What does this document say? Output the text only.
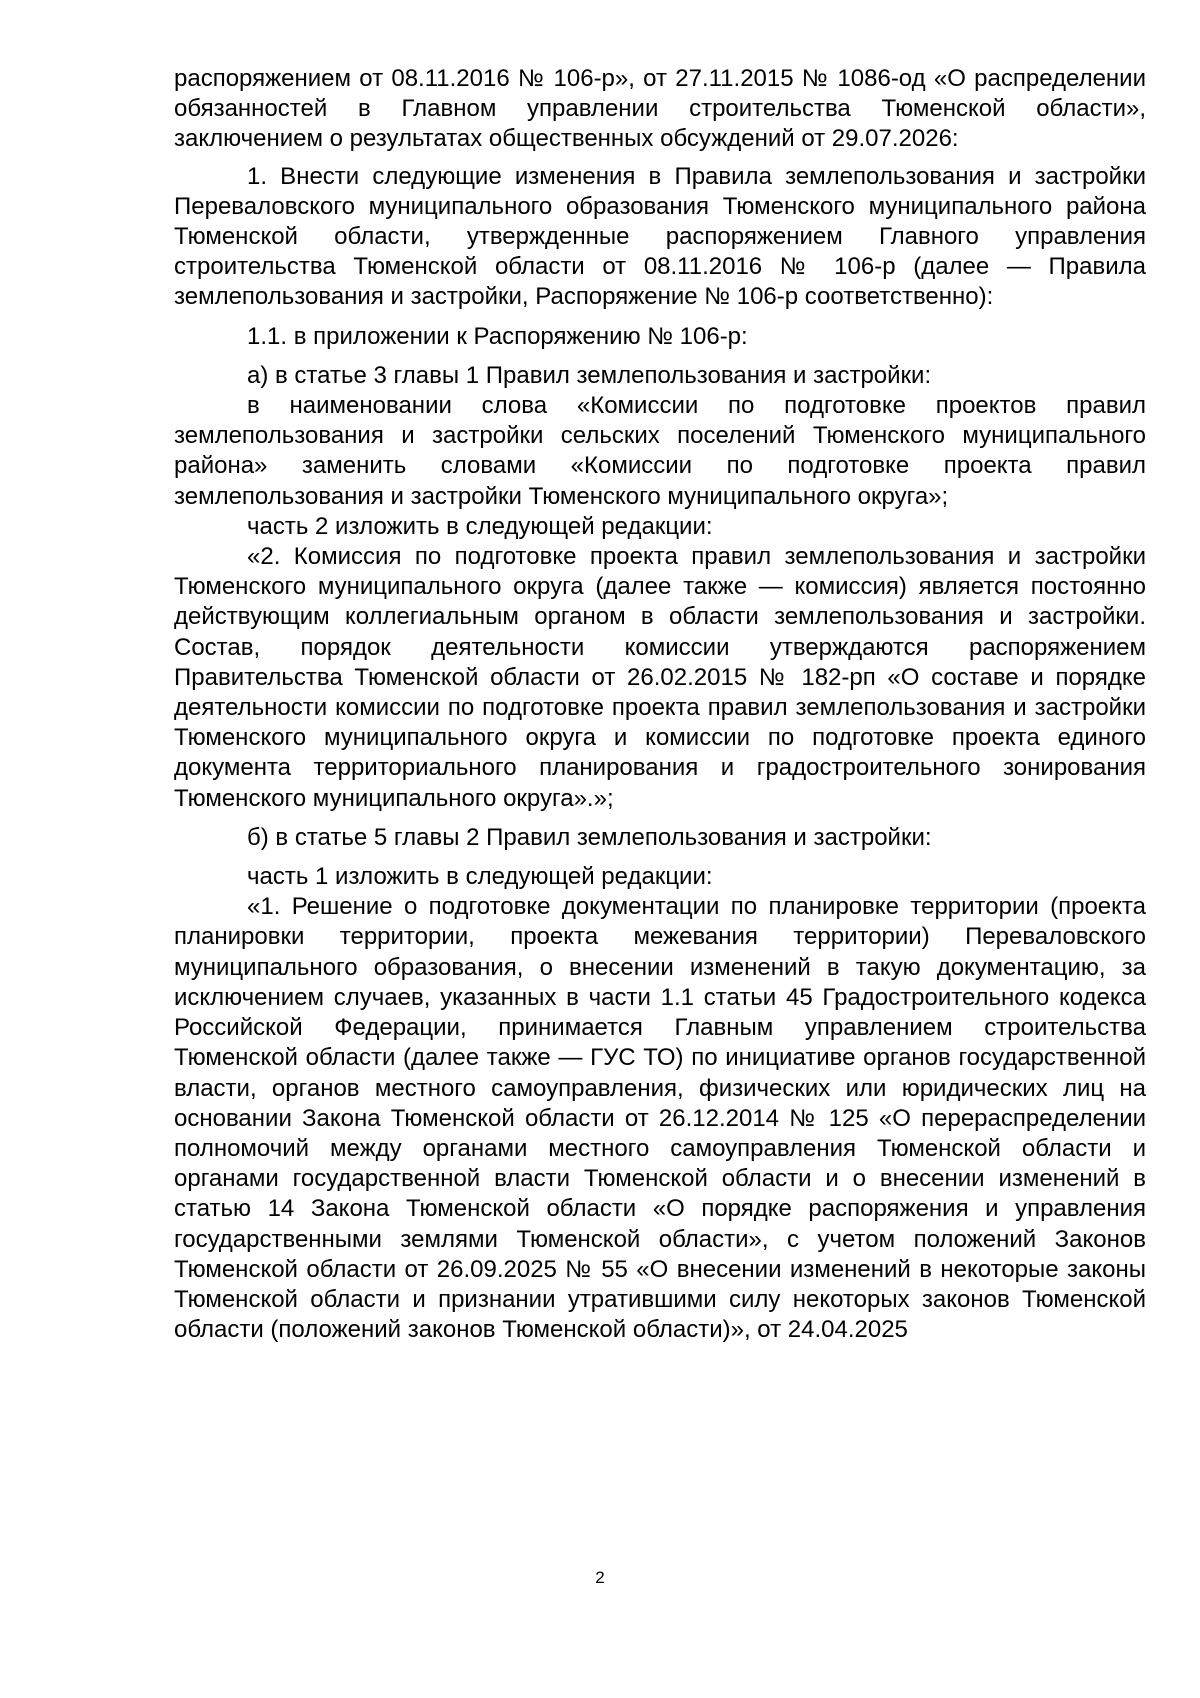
распоряжением от 08.11.2016 № 106-р», от 27.11.2015 № 1086-од «О распределении обязанностей в Главном управлении строительства Тюменской области», заключением о результатах общественных обсуждений от 29.07.2026:

1. Внести следующие изменения в Правила землепользования и застройки Переваловского муниципального образования Тюменского муниципального района Тюменской области, утвержденные распоряжением Главного управления строительства Тюменской области от 08.11.2016 № 106-р (далее — Правила землепользования и застройки, Распоряжение № 106-р соответственно):

1.1. в приложении к Распоряжению № 106-р:

а) в статье 3 главы 1 Правил землепользования и застройки:

в наименовании слова «Комиссии по подготовке проектов правил землепользования и застройки сельских поселений Тюменского муниципального района» заменить словами «Комиссии по подготовке проекта правил землепользования и застройки Тюменского муниципального округа»;

часть 2 изложить в следующей редакции:

«2. Комиссия по подготовке проекта правил землепользования и застройки Тюменского муниципального округа (далее также — комиссия) является постоянно действующим коллегиальным органом в области землепользования и застройки. Состав, порядок деятельности комиссии утверждаются распоряжением Правительства Тюменской области от 26.02.2015 № 182-рп «О составе и порядке деятельности комиссии по подготовке проекта правил землепользования и застройки Тюменского муниципального округа и комиссии по подготовке проекта единого документа территориального планирования и градостроительного зонирования Тюменского муниципального округа».»;

б) в статье 5 главы 2 Правил землепользования и застройки:

часть 1 изложить в следующей редакции:

«1. Решение о подготовке документации по планировке территории (проекта планировки территории, проекта межевания территории) Переваловского муниципального образования, о внесении изменений в такую документацию, за исключением случаев, указанных в части 1.1 статьи 45 Градостроительного кодекса Российской Федерации, принимается Главным управлением строительства Тюменской области (далее также — ГУС ТО) по инициативе органов государственной власти, органов местного самоуправления, физических или юридических лиц на основании Закона Тюменской области от 26.12.2014 № 125 «О перераспределении полномочий между органами местного самоуправления Тюменской области и органами государственной власти Тюменской области и о внесении изменений в статью 14 Закона Тюменской области «О порядке распоряжения и управления государственными землями Тюменской области», с учетом положений Законов Тюменской области от 26.09.2025 № 55 «О внесении изменений в некоторые законы Тюменской области и признании утратившими силу некоторых законов Тюменской области (положений законов Тюменской области)», от 24.04.2025

2
